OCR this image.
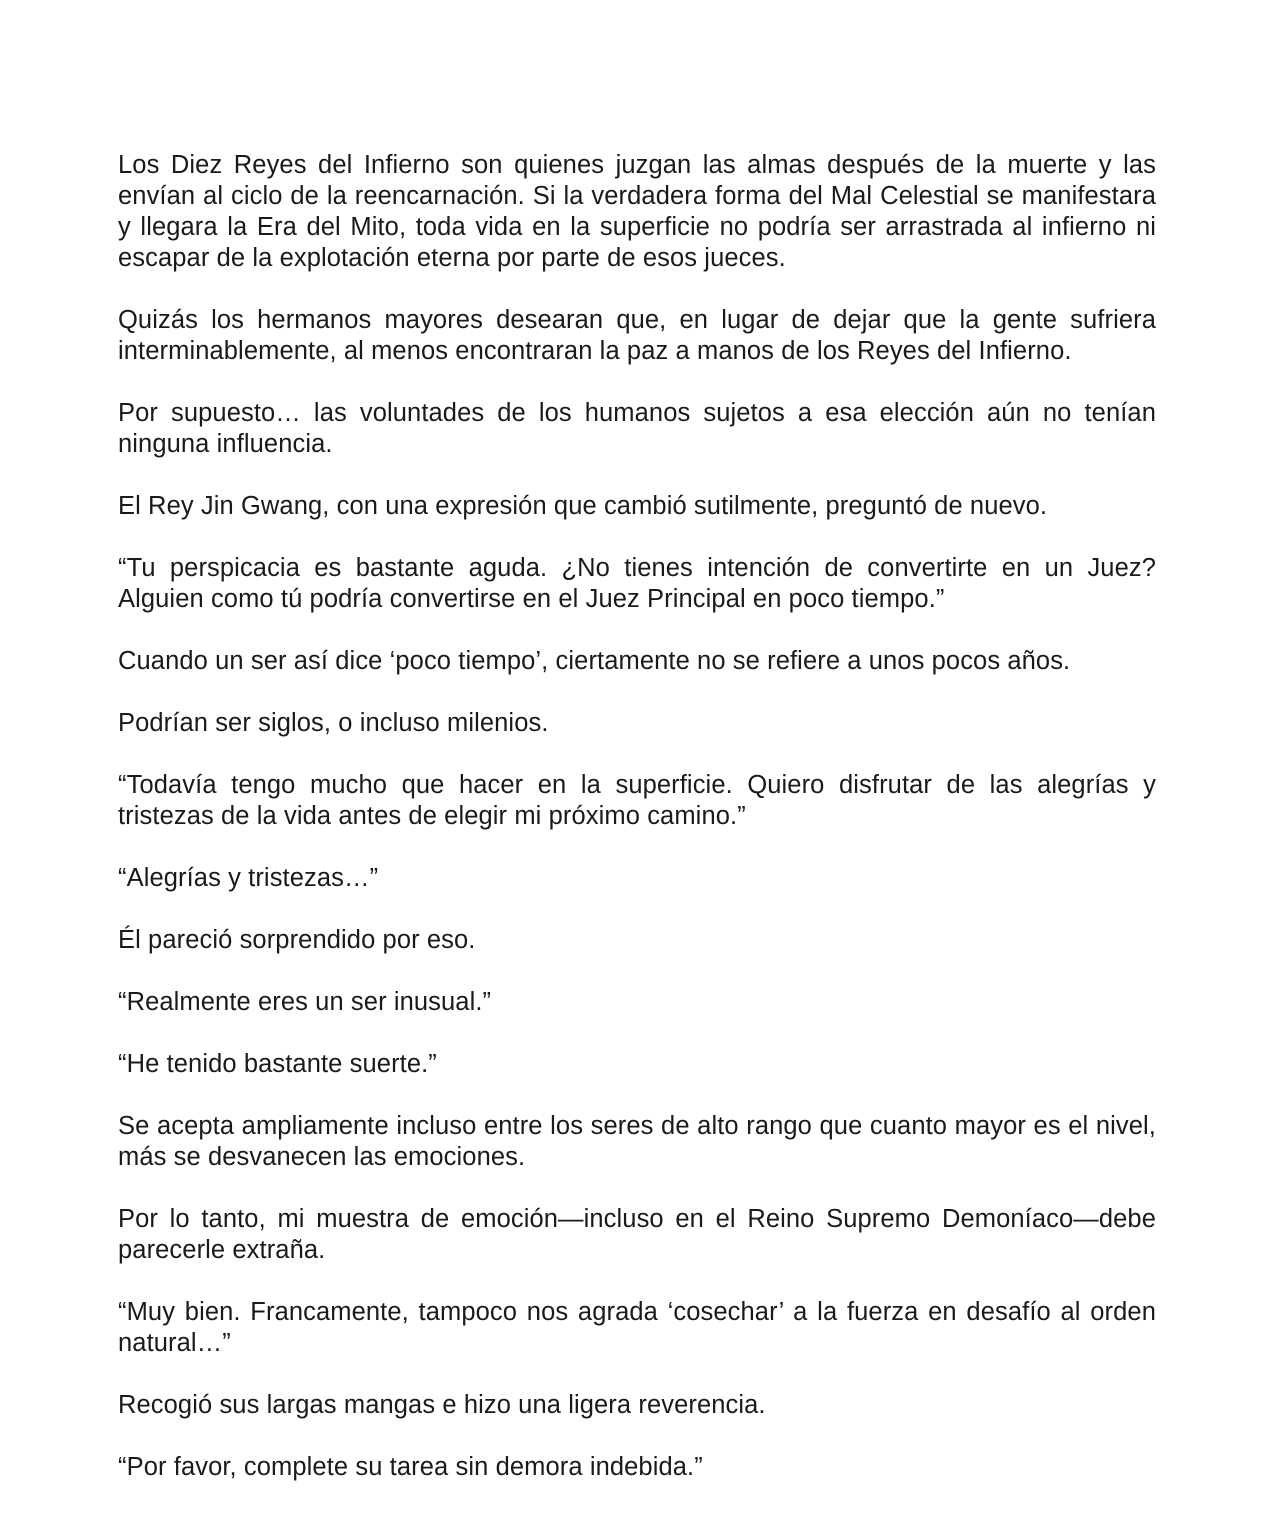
Los Diez Reyes del Infierno son quienes juzgan las almas después de la muerte y las envían al ciclo de la reencarnación. Si la verdadera forma del Mal Celestial se manifestara y llegara la Era del Mito, toda vida en la superficie no podría ser arrastrada al infierno ni escapar de la explotación eterna por parte de esos jueces.

Quizás los hermanos mayores desearan que, en lugar de dejar que la gente sufriera interminablemente, al menos encontraran la paz a manos de los Reyes del Infierno.

Por supuesto… las voluntades de los humanos sujetos a esa elección aún no tenían ninguna influencia.

El Rey Jin Gwang, con una expresión que cambió sutilmente, preguntó de nuevo.

“Tu perspicacia es bastante aguda. ¿No tienes intención de convertirte en un Juez? Alguien como tú podría convertirse en el Juez Principal en poco tiempo.”

Cuando un ser así dice ‘poco tiempo’, ciertamente no se refiere a unos pocos años.

Podrían ser siglos, o incluso milenios.

“Todavía tengo mucho que hacer en la superficie. Quiero disfrutar de las alegrías y tristezas de la vida antes de elegir mi próximo camino.”

“Alegrías y tristezas…”

Él pareció sorprendido por eso.

“Realmente eres un ser inusual.”

“He tenido bastante suerte.”

Se acepta ampliamente incluso entre los seres de alto rango que cuanto mayor es el nivel, más se desvanecen las emociones.

Por lo tanto, mi muestra de emoción—incluso en el Reino Supremo Demoníaco—debe parecerle extraña.

“Muy bien. Francamente, tampoco nos agrada ‘cosechar’ a la fuerza en desafío al orden natural…”

Recogió sus largas mangas e hizo una ligera reverencia.

“Por favor, complete su tarea sin demora indebida.”
